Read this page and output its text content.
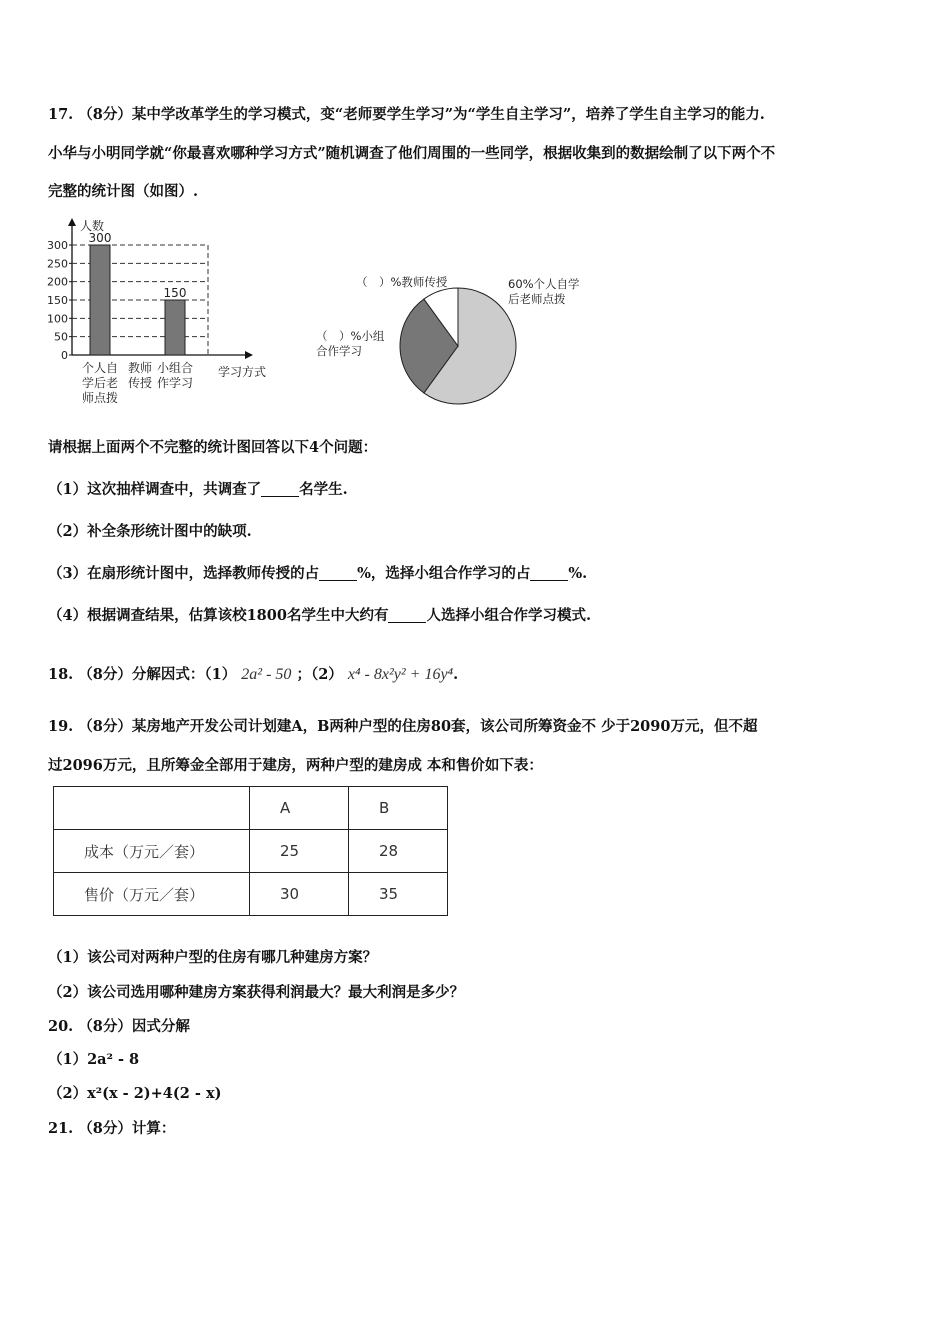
17. （8分）某中学改革学生的学习模式，变“老师要学生学习”为“学生自主学习”，培养了学生自主学习的能力.
小华与小明同学就“你最喜欢哪种学习方式”随机调查了他们周围的一些同学，根据收集到的数据绘制了以下两个不
完整的统计图（如图）.
300
250
200
150
100
50
0
人数
学习方式
300
个人自
学后老
师点拨
教师
传授
150
小组合
作学习
60%个人自学
后老师点拨
（　）%小组
合作学习
（　）%教师传授
请根据上面两个不完整的统计图回答以下4个问题：
（1）这次抽样调查中，共调查了	名学生.
（2）补全条形统计图中的缺项.
（3）在扇形统计图中，选择教师传授的占	%，选择小组合作学习的占	%.
（4）根据调查结果，估算该校1800名学生中大约有	人选择小组合作学习模式.
18. （8分）分解因式：（1） 2a² - 50 ；（2） x⁴ - 8x²y² + 16y⁴.
19. （8分）某房地产开发公司计划建A，B两种户型的住房80套，该公司所筹资金不 少于2090万元，但不超
过2096万元，且所筹金全部用于建房，两种户型的建房成 本和售价如下表：
	A	B
成本（万元／套）	25	28
售价（万元／套）	30	35
（1）该公司对两种户型的住房有哪几种建房方案？
（2）该公司选用哪种建房方案获得利润最大？最大利润是多少？
20. （8分）因式分解
（1）2a² - 8
（2）x²(x - 2)+4(2 - x)
21. （8分）计算：
